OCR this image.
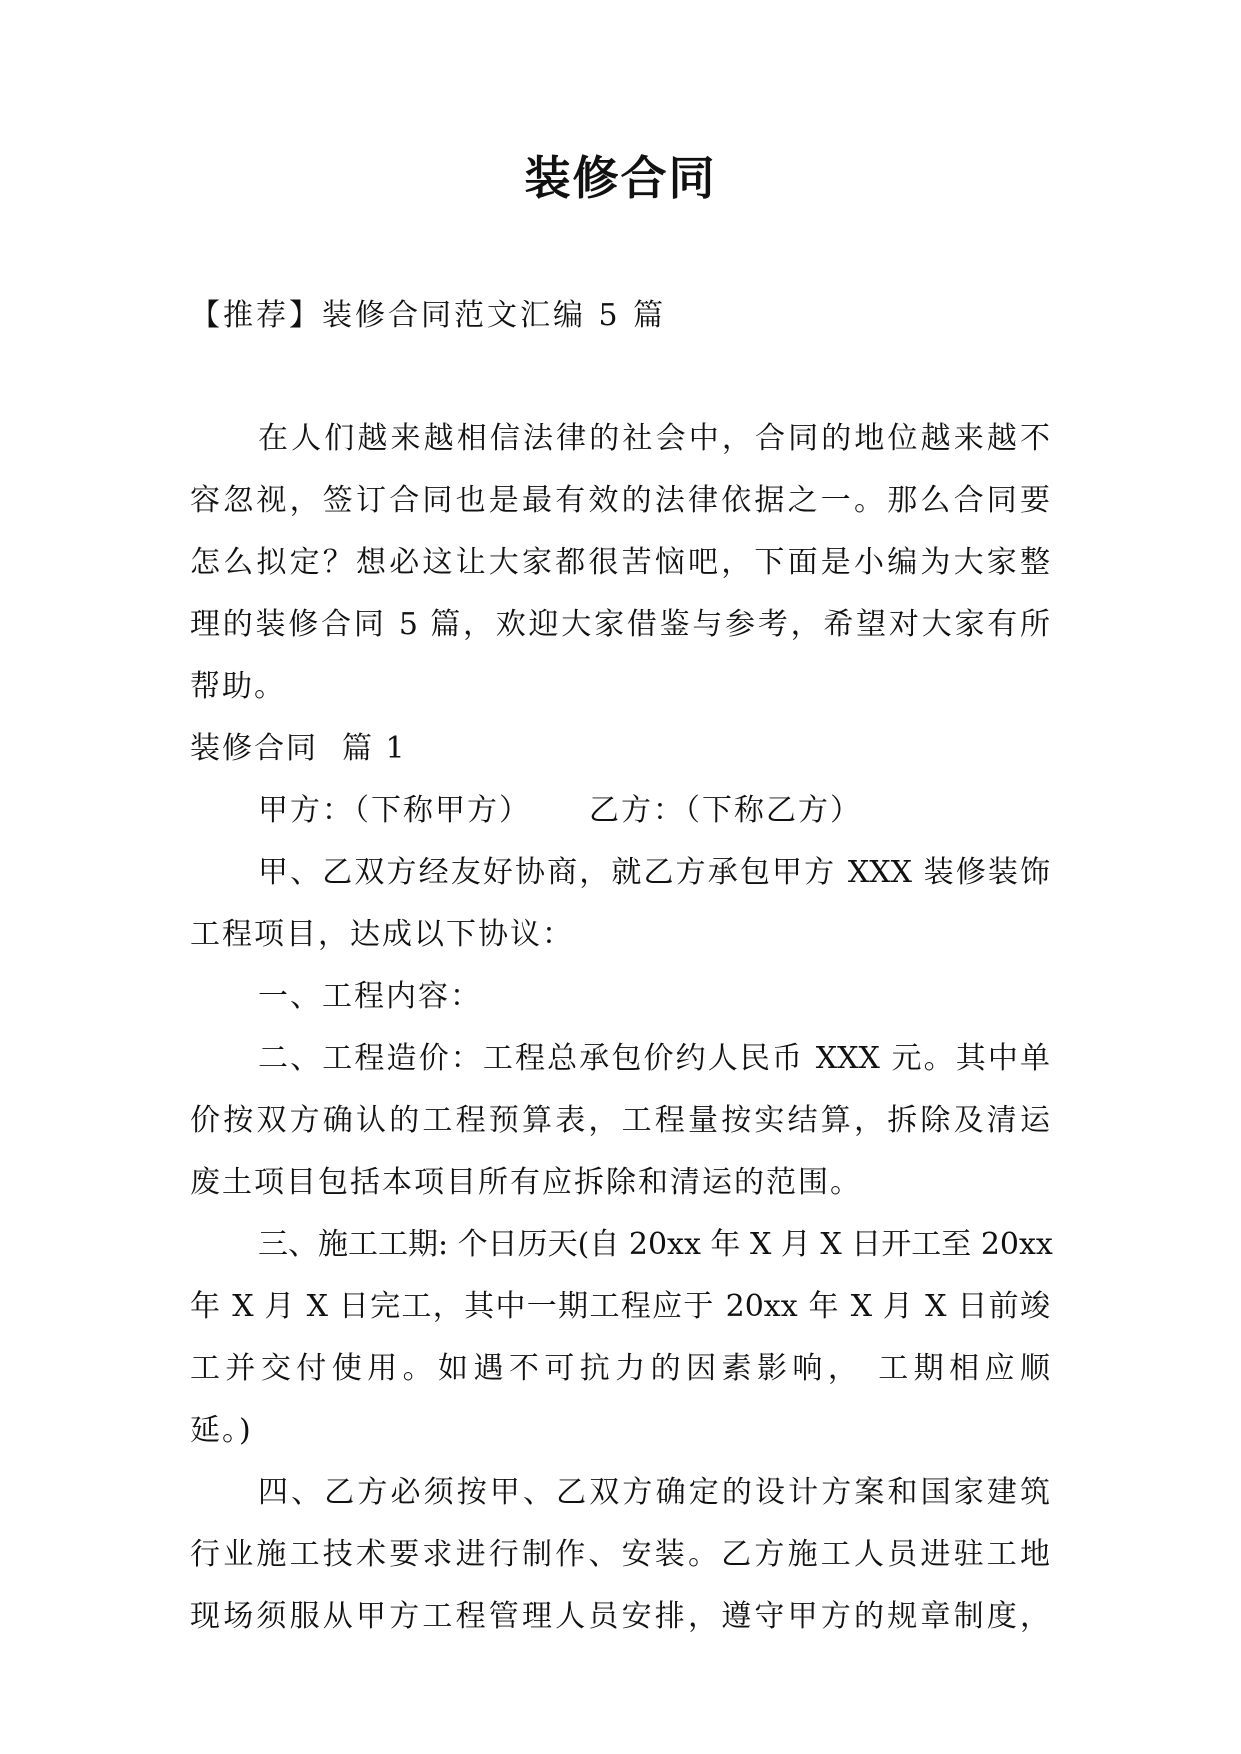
装修合同
【推荐】装修合同范文汇编 5 篇
在人们越来越相信法律的社会中，合同的地位越来越不
容忽视，签订合同也是最有效的法律依据之一。那么合同要
怎么拟定？想必这让大家都很苦恼吧，下面是小编为大家整
理的装修合同 5 篇，欢迎大家借鉴与参考，希望对大家有所
帮助。
装修合同 篇 1
甲方：（下称甲方） 乙方：（下称乙方）
甲、乙双方经友好协商，就乙方承包甲方 XXX 装修装饰
工程项目，达成以下协议：
一、工程内容：
二、工程造价：工程总承包价约人民币 XXX 元。其中单
价按双方确认的工程预算表，工程量按实结算，拆除及清运
废土项目包括本项目所有应拆除和清运的范围。
三、施工工期: 个日历天(自 20xx 年 X 月 X 日开工至 20xx
年 X 月 X 日完工，其中一期工程应于 20xx 年 X 月 X 日前竣
工并交付使用。如遇不可抗力的因素影响， 工期相应顺
延。)
四、乙方必须按甲、乙双方确定的设计方案和国家建筑
行业施工技术要求进行制作、安装。乙方施工人员进驻工地
现场须服从甲方工程管理人员安排，遵守甲方的规章制度，
